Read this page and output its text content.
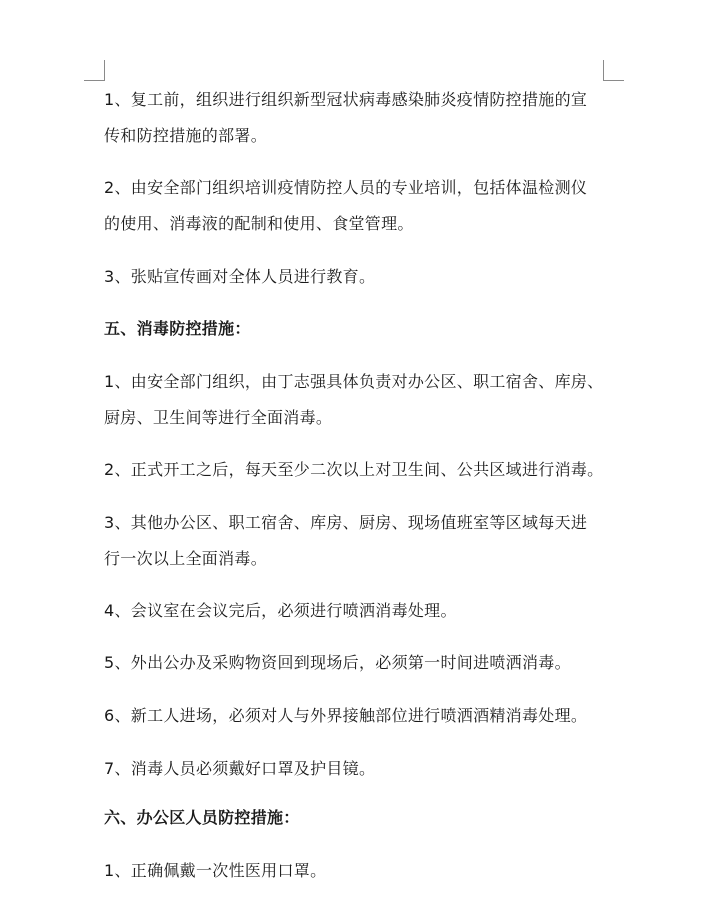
1、复工前，组织进行组织新型冠状病毒感染肺炎疫情防控措施的宣
传和防控措施的部署。

2、由安全部门组织培训疫情防控人员的专业培训，包括体温检测仪
的使用、消毒液的配制和使用、食堂管理。

3、张贴宣传画对全体人员进行教育。

五、消毒防控措施：

1、由安全部门组织，由丁志强具体负责对办公区、职工宿舍、库房、
厨房、卫生间等进行全面消毒。

2、正式开工之后，每天至少二次以上对卫生间、公共区域进行消毒。

3、其他办公区、职工宿舍、库房、厨房、现场值班室等区域每天进
行一次以上全面消毒。

4、会议室在会议完后，必须进行喷洒消毒处理。

5、外出公办及采购物资回到现场后，必须第一时间进喷洒消毒。

6、新工人进场，必须对人与外界接触部位进行喷洒酒精消毒处理。

7、消毒人员必须戴好口罩及护目镜。

六、办公区人员防控措施：

1、正确佩戴一次性医用口罩。
